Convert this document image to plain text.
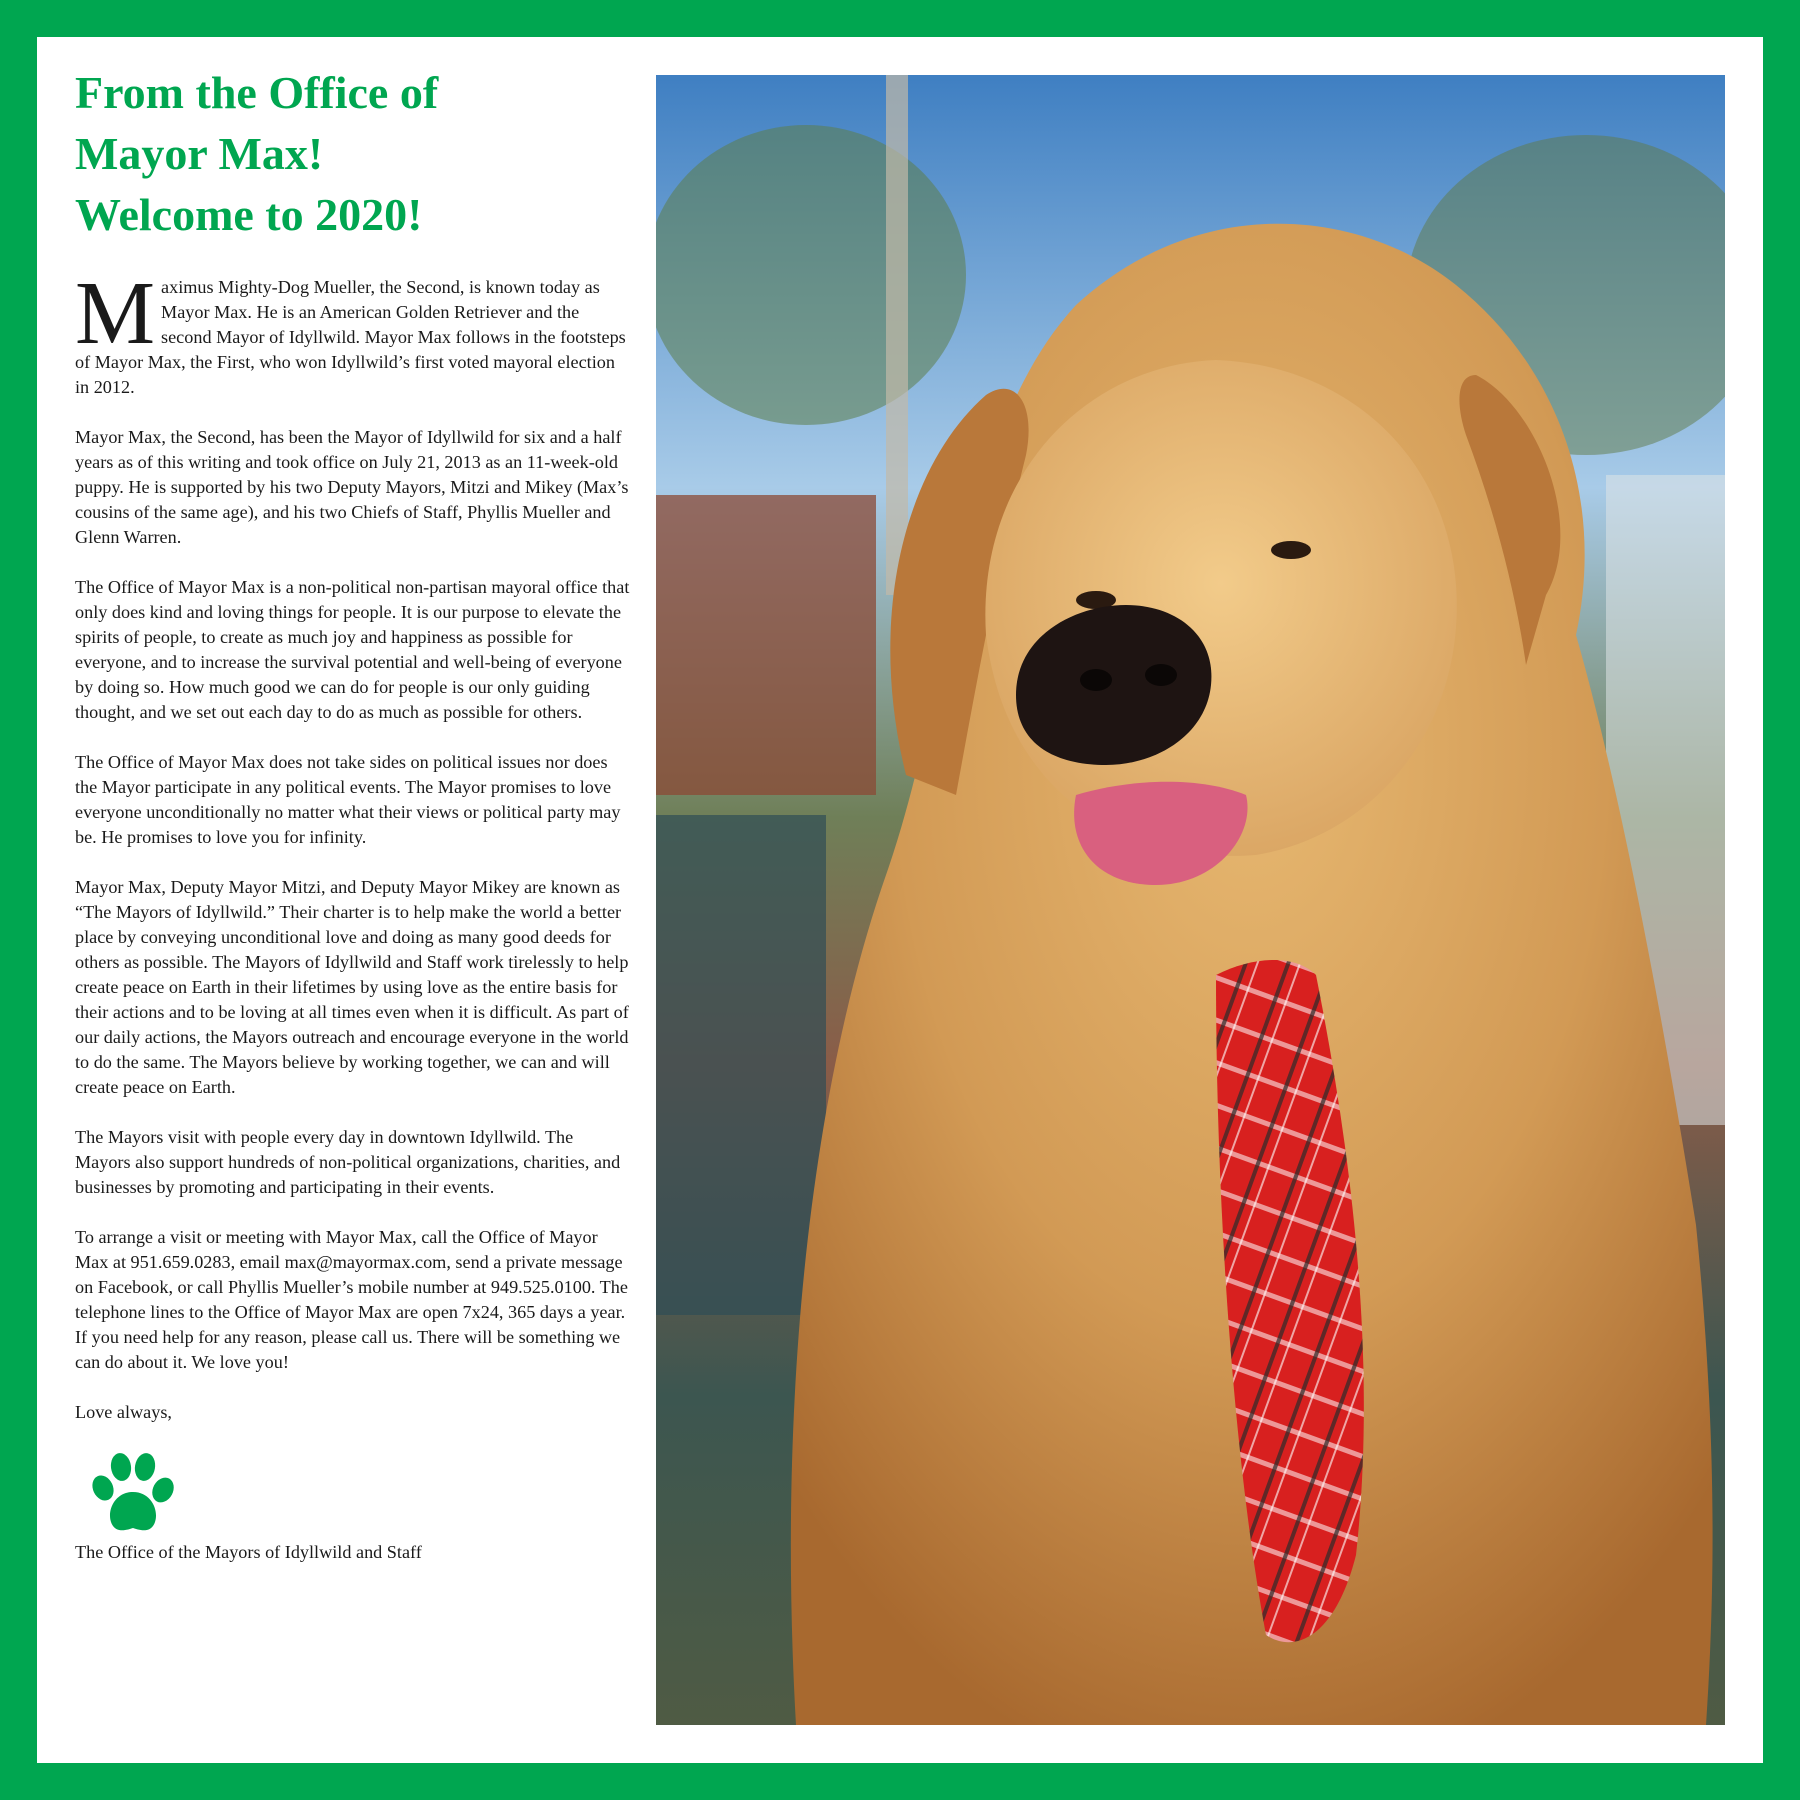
From the Office of
Mayor Max!
Welcome to 2020!

Maximus Mighty-Dog Mueller, the Second, is known today as Mayor Max. He is an American Golden Retriever and the second Mayor of Idyllwild. Mayor Max follows in the footsteps of Mayor Max, the First, who won Idyllwild’s first voted mayoral election in 2012.

Mayor Max, the Second, has been the Mayor of Idyllwild for six and a half years as of this writing and took office on July 21, 2013 as an 11-week-old puppy. He is supported by his two Deputy Mayors, Mitzi and Mikey (Max’s cousins of the same age), and his two Chiefs of Staff, Phyllis Mueller and Glenn Warren.

The Office of Mayor Max is a non-political non-partisan mayoral office that only does kind and loving things for people. It is our purpose to elevate the spirits of people, to create as much joy and happiness as possible for everyone, and to increase the survival potential and well-being of everyone by doing so. How much good we can do for people is our only guiding thought, and we set out each day to do as much as possible for others.

The Office of Mayor Max does not take sides on political issues nor does the Mayor participate in any political events. The Mayor promises to love everyone unconditionally no matter what their views or political party may be. He promises to love you for infinity.

Mayor Max, Deputy Mayor Mitzi, and Deputy Mayor Mikey are known as “The Mayors of Idyllwild.” Their charter is to help make the world a better place by conveying unconditional love and doing as many good deeds for others as possible. The Mayors of Idyllwild and Staff work tirelessly to help create peace on Earth in their lifetimes by using love as the entire basis for their actions and to be loving at all times even when it is difficult. As part of our daily actions, the Mayors outreach and encourage everyone in the world to do the same. The Mayors believe by working together, we can and will create peace on Earth.

The Mayors visit with people every day in downtown Idyllwild. The Mayors also support hundreds of non-political organizations, charities, and businesses by promoting and participating in their events.

To arrange a visit or meeting with Mayor Max, call the Office of Mayor Max at 951.659.0283, email max@mayormax.com, send a private message on Facebook, or call Phyllis Mueller’s mobile number at 949.525.0100. The telephone lines to the Office of Mayor Max are open 7x24, 365 days a year. If you need help for any reason, please call us. There will be something we can do about it. We love you!

Love always,

The Office of the Mayors of Idyllwild and Staff
